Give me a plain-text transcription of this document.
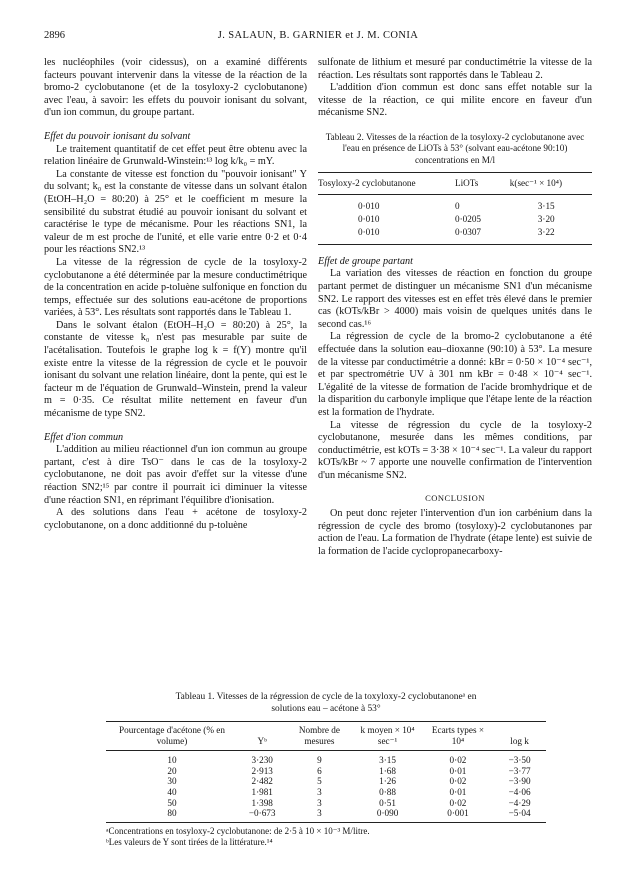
2896	J. SALAUN, B. GARNIER et J. M. CONIA

les nucléophiles (voir cidessus), on a examiné différents facteurs pouvant intervenir dans la vitesse de la réaction de la bromo-2 cyclobutanone (et de la tosyloxy-2 cyclobutanone) avec l'eau, à savoir: les effets du pouvoir ionisant du solvant, d'un ion commun, du groupe partant.

Effet du pouvoir ionisant du solvant

Le traitement quantitatif de cet effet peut être obtenu avec la relation linéaire de Grunwald-Winstein:¹³ log k/k₀ = mY.

La constante de vitesse est fonction du "pouvoir ionisant" Y du solvant; k₀ est la constante de vitesse dans un solvant étalon (EtOH–H₂O = 80:20) à 25° et le coefficient m mesure la sensibilité du substrat étudié au pouvoir ionisant du solvant et caractérise le type de mécanisme. Pour les réactions SN1, la valeur de m est proche de l'unité, et elle varie entre 0·2 et 0·4 pour les réactions SN2.¹³

La vitesse de la régression de cycle de la tosyloxy-2 cyclobutanone a été déterminée par la mesure conductimétrique de la concentration en acide p-toluène sulfonique en fonction du temps, effectuée sur des solutions eau-acétone de proportions variées, à 53°. Les résultats sont rapportés dans le Tableau 1.

Dans le solvant étalon (EtOH–H₂O = 80:20) à 25°, la constante de vitesse k₀ n'est pas mesurable par suite de l'acétalisation. Toutefois le graphe log k = f(Y) montre qu'il existe entre la vitesse de la régression de cycle et le pouvoir ionisant du solvant une relation linéaire, dont la pente, qui est le facteur m de l'équation de Grunwald–Winstein, prend la valeur m = 0·35. Ce résultat milite nettement en faveur d'un mécanisme de type SN2.

Effet d'ion commun

L'addition au milieu réactionnel d'un ion commun au groupe partant, c'est à dire TsO⁻ dans le cas de la tosyloxy-2 cyclobutanone, ne doit pas avoir d'effet sur la vitesse d'une réaction SN2;¹⁵ par contre il pourrait ici diminuer la vitesse d'une réaction SN1, en réprimant l'équilibre d'ionisation.

A des solutions dans l'eau + acétone de tosyloxy-2 cyclobutanone, on a donc additionné du p-toluène

sulfonate de lithium et mesuré par conductimétrie la vitesse de la réaction. Les résultats sont rapportés dans le Tableau 2.

L'addition d'ion commun est donc sans effet notable sur la vitesse de la réaction, ce qui milite encore en faveur d'un mécanisme SN2.

Tableau 2. Vitesses de la réaction de la tosyloxy-2 cyclobutanone avec l'eau en présence de LiOTs à 53° (solvant eau-acétone 90:10) concentrations en M/l
Tosyloxy-2 cyclobutanone	LiOTs	k(sec⁻¹ × 10⁴)
0·010	0	3·15
0·010	0·0205	3·20
0·010	0·0307	3·22
Effet de groupe partant

La variation des vitesses de réaction en fonction du groupe partant permet de distinguer un mécanisme SN1 d'un mécanisme SN2. Le rapport des vitesses est en effet très élevé dans le premier cas (kOTs/kBr > 4000) mais voisin de quelques unités dans le second cas.¹⁶

La régression de cycle de la bromo-2 cyclobutanone a été effectuée dans la solution eau–dioxanne (90:10) à 53°. La mesure de la vitesse par conductimétrie a donné: kBr = 0·50 × 10⁻⁴ sec⁻¹, et par spectrométrie UV à 301 nm kBr = 0·48 × 10⁻⁴ sec⁻¹. L'égalité de la vitesse de formation de l'acide bromhydrique et de la disparition du carbonyle implique que l'étape lente de la réaction est la formation de l'hydrate.

La vitesse de régression du cycle de la tosyloxy-2 cyclobutanone, mesurée dans les mêmes conditions, par conductimétrie, est kOTs = 3·38 × 10⁻⁴ sec⁻¹. La valeur du rapport kOTs/kBr ~ 7 apporte une nouvelle confirmation de l'intervention d'un mécanisme SN2.

CONCLUSION

On peut donc rejeter l'intervention d'un ion carbénium dans la régression de cycle des bromo (tosyloxy)-2 cyclobutanones par action de l'eau. La formation de l'hydrate (étape lente) est suivie de la formation de l'acide cyclopropanecarboxy-

Tableau 1. Vitesses de la régression de cycle de la toxyloxy-2 cyclobutanoneᵃ en
solutions eau – acétone à 53°
Pourcentage d'acétone (% en volume)	Yᵇ	Nombre de mesures	k moyen × 10⁴ sec⁻¹	Ecarts types × 10⁴	log k
10	3·230	9	3·15	0·02	−3·50
20	2·913	6	1·68	0·01	−3·77
30	2·482	5	1·26	0·02	−3·90
40	1·981	3	0·88	0·01	−4·06
50	1·398	3	0·51	0·02	−4·29
80	−0·673	3	0·090	0·001	−5·04
ᵃConcentrations en tosyloxy-2 cyclobutanone: de 2·5 à 10 × 10⁻³ M/litre.
ᵇLes valeurs de Y sont tirées de la littérature.¹⁴
